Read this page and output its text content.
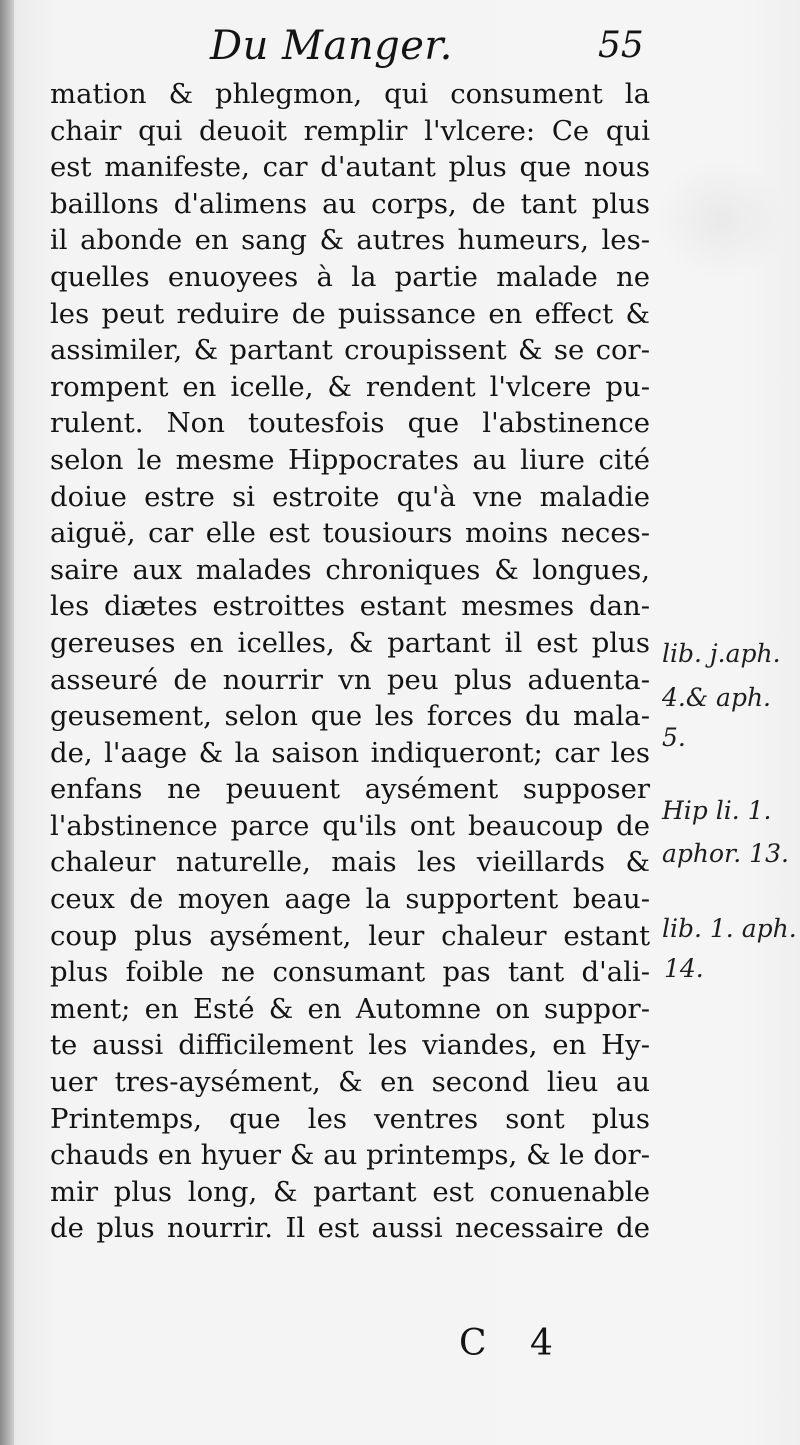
Du Manger.	55
mation & phlegmon, qui consument la
chair qui deuoit remplir l'vlcere: Ce qui
est manifeste, car d'autant plus que nous
baillons d'alimens au corps, de tant plus
il abonde en sang & autres humeurs, les-
quelles enuoyees à la partie malade ne
les peut reduire de puissance en effect &
assimiler, & partant croupissent & se cor-
rompent en icelle, & rendent l'vlcere pu-
rulent. Non toutesfois que l'abstinence
selon le mesme Hippocrates au liure cité
doiue estre si estroite qu'à vne maladie
aiguë, car elle est tousiours moins neces-
saire aux malades chroniques & longues,
les diætes estroittes estant mesmes dan-
gereuses en icelles, & partant il est plus
asseuré de nourrir vn peu plus aduenta-
geusement, selon que les forces du mala-
de, l'aage & la saison indiqueront; car les
enfans ne peuuent aysément supposer
l'abstinence parce qu'ils ont beaucoup de
chaleur naturelle, mais les vieillards &
ceux de moyen aage la supportent beau-
coup plus aysément, leur chaleur estant
plus foible ne consumant pas tant d'ali-
ment; en Esté & en Automne on suppor-
te aussi difficilement les viandes, en Hy-
uer tres-aysément, & en second lieu au
Printemps, que les ventres sont plus
chauds en hyuer & au printemps, & le dor-
mir plus long, & partant est conuenable
de plus nourrir. Il est aussi necessaire de
lib. j.aph.
4.& aph.
5.
Hip li. 1.
aphor. 13.
lib. 1. aph.
14.
C 4
